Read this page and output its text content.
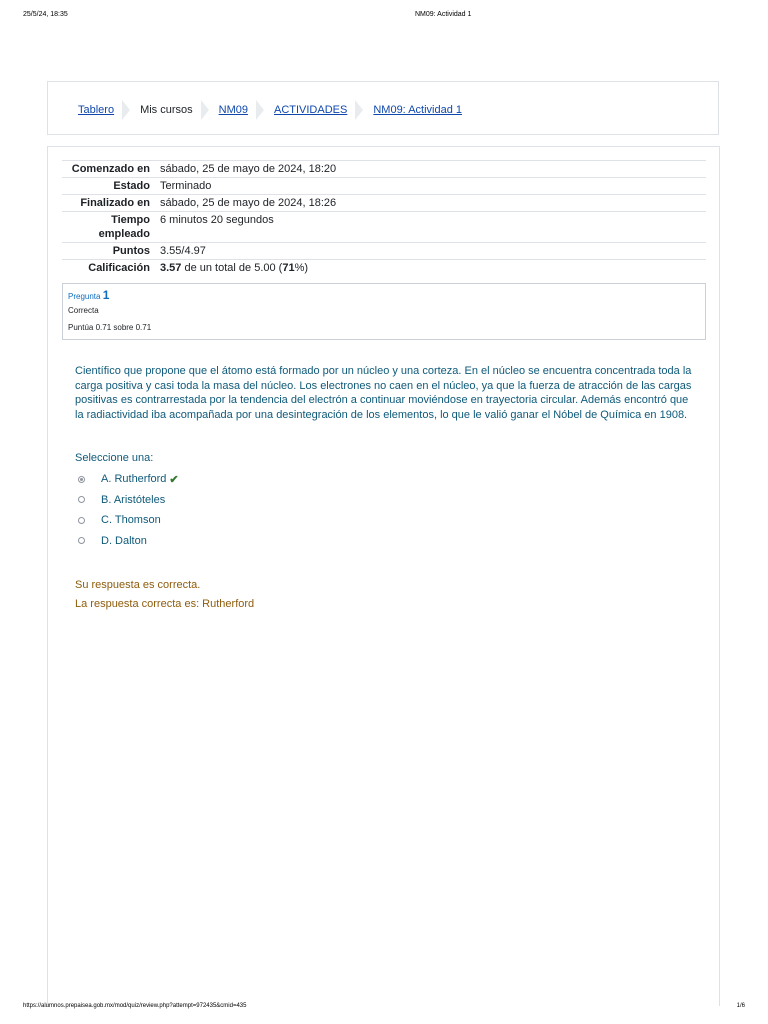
25/5/24, 18:35	NM09: Actividad 1
Tablero Mis cursos NM09 ACTIVIDADES NM09: Actividad 1
Comenzado en sábado, 25 de mayo de 2024, 18:20
Estado Terminado
Finalizado en sábado, 25 de mayo de 2024, 18:26
Tiempo empleado
6 minutos 20 segundos
Puntos 3.55/4.97
Calificación 3.57 de un total de 5.00 (71%)
Pregunta 1
Correcta
Puntúa 0.71 sobre 0.71
Científico que propone que el átomo está formado por un núcleo y una corteza. En el núcleo se encuentra concentrada toda la carga positiva y casi toda la masa del núcleo. Los electrones no caen en el núcleo, ya que la fuerza de atracción de las cargas positivas es contrarrestada por la tendencia del electrón a continuar moviéndose en trayectoria circular. Además encontró que la radiactividad iba acompañada por una desintegración de los elementos, lo que le valió ganar el Nóbel de Química en 1908.
Seleccione una:
A. Rutherford ✔
B. Aristóteles
C. Thomson
D. Dalton
Su respuesta es correcta.
La respuesta correcta es: Rutherford
https://alumnos.prepaisea.gob.mx/mod/quiz/review.php?attempt=972435&cmid=435	1/6
